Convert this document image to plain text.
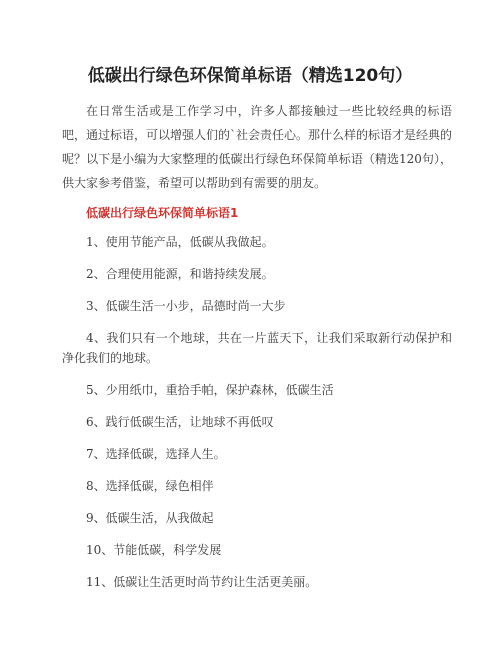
低碳出行绿色环保简单标语（精选120句）

在日常生活或是工作学习中，许多人都接触过一些比较经典的标语吧，通过标语，可以增强人们的`社会责任心。那什么样的标语才是经典的呢？以下是小编为大家整理的低碳出行绿色环保简单标语（精选120句），供大家参考借鉴，希望可以帮助到有需要的朋友。

低碳出行绿色环保简单标语1
1、使用节能产品，低碳从我做起。
2、合理使用能源，和谐持续发展。
3、低碳生活一小步，品德时尚一大步
4、我们只有一个地球，共在一片蓝天下，让我们采取新行动保护和净化我们的地球。
5、少用纸巾，重拾手帕，保护森林，低碳生活
6、践行低碳生活，让地球不再低叹
7、选择低碳，选择人生。
8、选择低碳，绿色相伴
9、低碳生活，从我做起
10、节能低碳，科学发展
11、低碳让生活更时尚节约让生活更美丽。
